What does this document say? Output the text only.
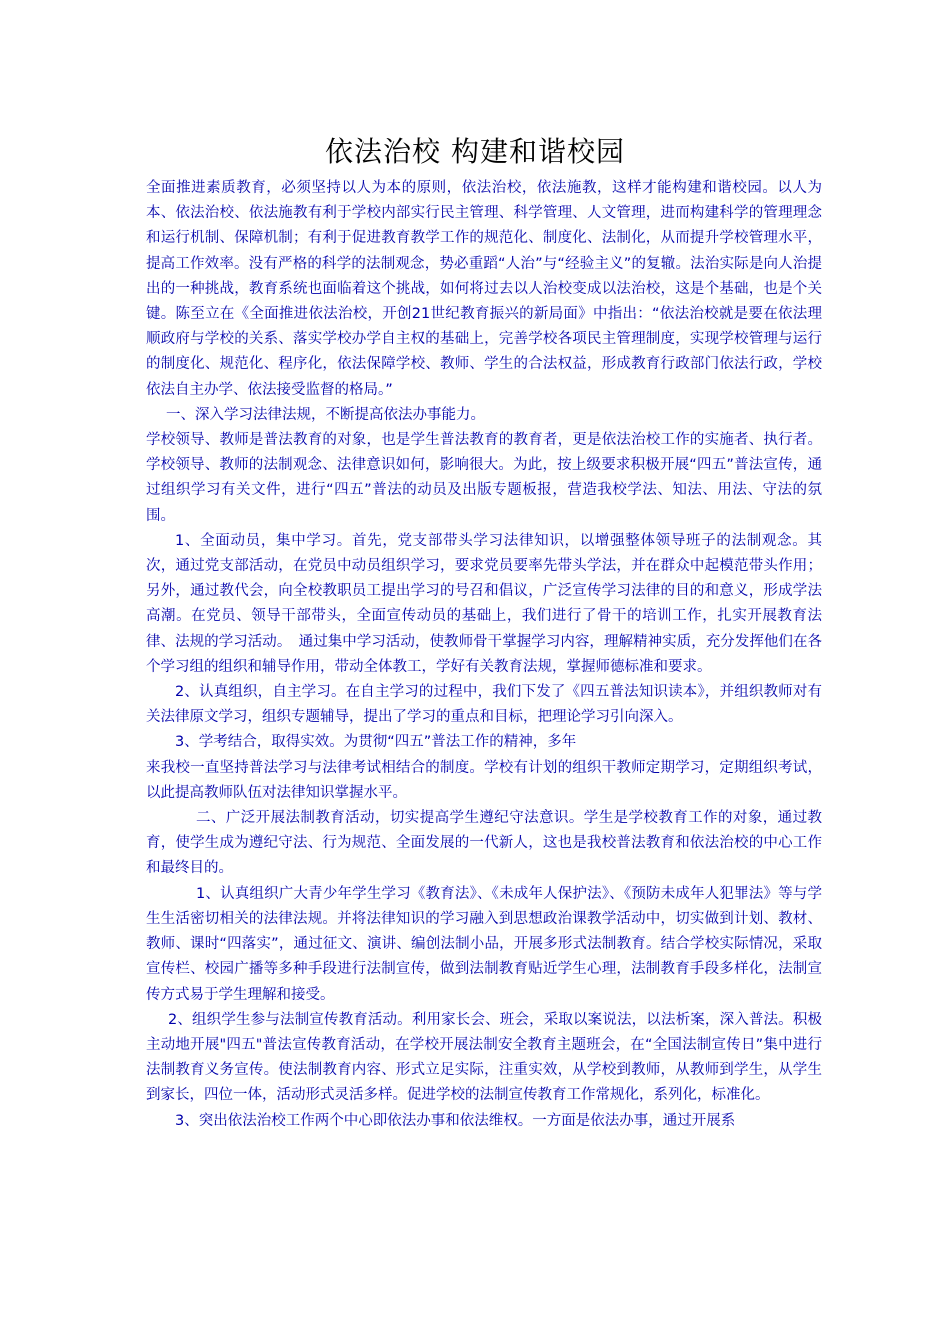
依法治校 构建和谐校园

全面推进素质教育，必须坚持以人为本的原则，依法治校，依法施教，这样才能构建和谐校园。以人为本、依法治校、依法施教有利于学校内部实行民主管理、科学管理、人文管理，进而构建科学的管理理念和运行机制、保障机制；有利于促进教育教学工作的规范化、制度化、法制化，从而提升学校管理水平，提高工作效率。没有严格的科学的法制观念，势必重蹈“人治”与“经验主义”的复辙。法治实际是向人治提出的一种挑战，教育系统也面临着这个挑战，如何将过去以人治校变成以法治校，这是个基础，也是个关键。陈至立在《全面推进依法治校，开创21世纪教育振兴的新局面》中指出：“依法治校就是要在依法理顺政府与学校的关系、落实学校办学自主权的基础上，完善学校各项民主管理制度，实现学校管理与运行的制度化、规范化、程序化，依法保障学校、教师、学生的合法权益，形成教育行政部门依法行政，学校依法自主办学、依法接受监督的格局。”

一、深入学习法律法规，不断提高依法办事能力。

学校领导、教师是普法教育的对象，也是学生普法教育的教育者，更是依法治校工作的实施者、执行者。学校领导、教师的法制观念、法律意识如何，影响很大。为此，按上级要求积极开展“四五”普法宣传，通过组织学习有关文件，进行“四五”普法的动员及出版专题板报，营造我校学法、知法、用法、守法的氛围。

1、全面动员，集中学习。首先，党支部带头学习法律知识，以增强整体领导班子的法制观念。其次，通过党支部活动，在党员中动员组织学习，要求党员要率先带头学法，并在群众中起模范带头作用；另外，通过教代会，向全校教职员工提出学习的号召和倡议，广泛宣传学习法律的目的和意义，形成学法高潮。在党员、领导干部带头，全面宣传动员的基础上，我们进行了骨干的培训工作，扎实开展教育法律、法规的学习活动。　通过集中学习活动，使教师骨干掌握学习内容，理解精神实质，充分发挥他们在各个学习组的组织和辅导作用，带动全体教工，学好有关教育法规，掌握师德标准和要求。

2、认真组织，自主学习。在自主学习的过程中，我们下发了《四五普法知识读本》，并组织教师对有关法律原文学习，组织专题辅导，提出了学习的重点和目标，把理论学习引向深入。

3、学考结合，取得实效。为贯彻“四五”普法工作的精神，多年

来我校一直坚持普法学习与法律考试相结合的制度。学校有计划的组织干教师定期学习，定期组织考试，以此提高教师队伍对法律知识掌握水平。

二、广泛开展法制教育活动，切实提高学生遵纪守法意识。学生是学校教育工作的对象，通过教育，使学生成为遵纪守法、行为规范、全面发展的一代新人，这也是我校普法教育和依法治校的中心工作和最终目的。

1、认真组织广大青少年学生学习《教育法》、《未成年人保护法》、《预防未成年人犯罪法》等与学生生活密切相关的法律法规。并将法律知识的学习融入到思想政治课教学活动中，切实做到计划、教材、教师、课时“四落实”，通过征文、演讲、编创法制小品，开展多形式法制教育。结合学校实际情况，采取宣传栏、校园广播等多种手段进行法制宣传，做到法制教育贴近学生心理，法制教育手段多样化，法制宣传方式易于学生理解和接受。

2、组织学生参与法制宣传教育活动。利用家长会、班会，采取以案说法，以法析案，深入普法。积极主动地开展"四五"普法宣传教育活动，在学校开展法制安全教育主题班会，在“全国法制宣传日”集中进行法制教育义务宣传。使法制教育内容、形式立足实际，注重实效，从学校到教师，从教师到学生，从学生到家长，四位一体，活动形式灵活多样。促进学校的法制宣传教育工作常规化，系列化，标准化。

3、突出依法治校工作两个中心即依法办事和依法维权。一方面是依法办事，通过开展系
